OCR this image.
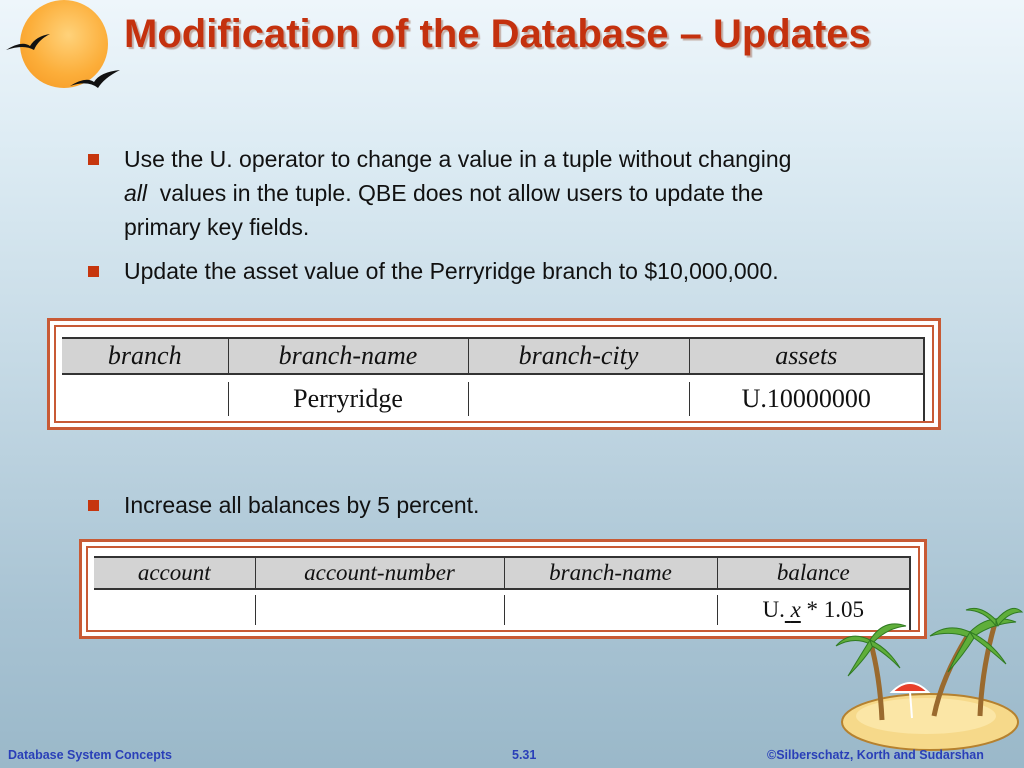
Modification of the Database – Updates
Use the U. operator to change a value in a tuple without changing
all values in the tuple. QBE does not allow users to update the
primary key fields.
Update the asset value of the Perryridge branch to $10,000,000.
branch	branch-name	branch-city	assets

	Perryridge		U.10000000

Increase all balances by 5 percent.
account	account-number	branch-name	balance

			U. x * 1.05

Database System Concepts	5.31	©Silberschatz, Korth and Sudarshan
